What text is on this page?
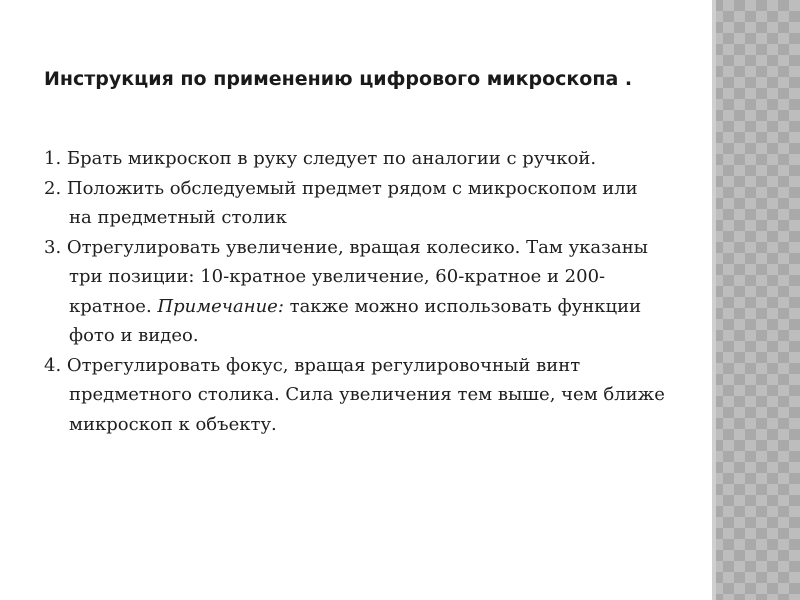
Инструкция по применению цифрового микроскопа .

1. Брать микроскоп в руку следует по аналогии с ручкой.

2. Положить обследуемый предмет рядом с микроскопом или на предметный столик

3. Отрегулировать увеличение, вращая колесико. Там указаны три позиции: 10-кратное увеличение, 60-кратное и 200-кратное. Примечание: также можно использовать функции фото и видео.

4. Отрегулировать фокус, вращая регулировочный винт предметного столика. Сила увеличения тем выше, чем ближе микроскоп к объекту.
